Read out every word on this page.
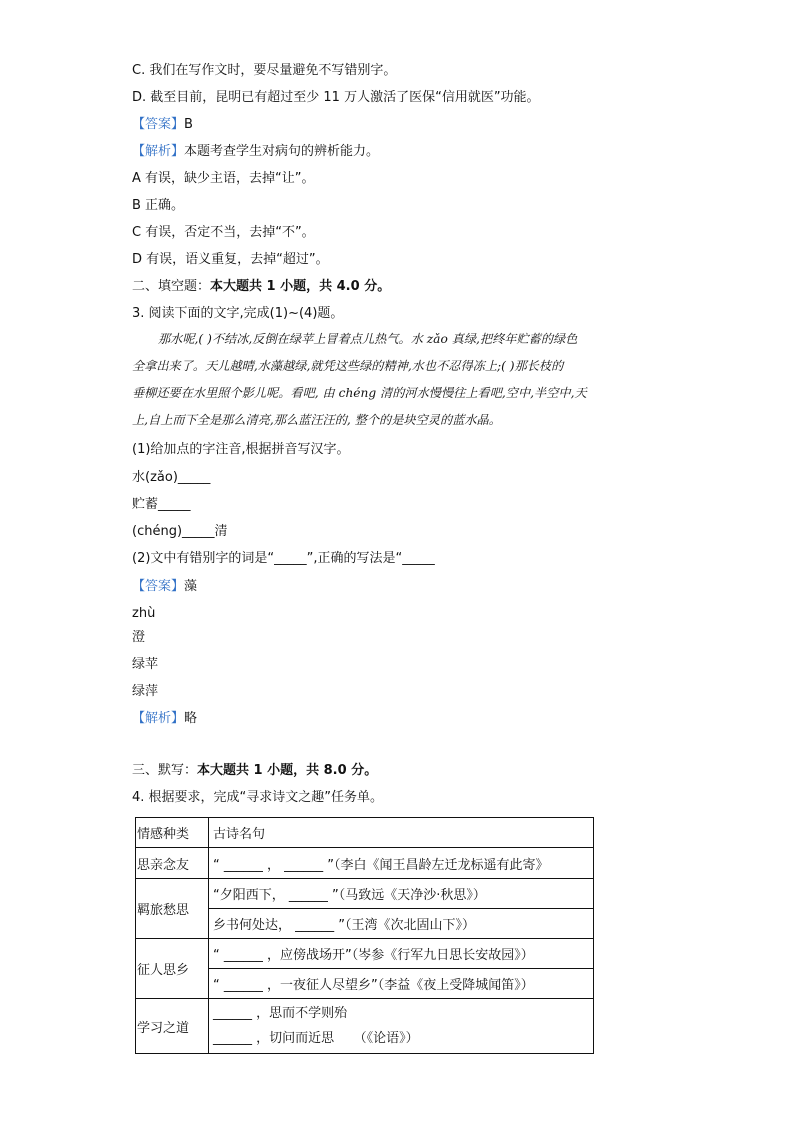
C. 我们在写作文时，要尽量避免不写错别字。
D. 截至目前，昆明已有超过至少 11 万人激活了医保“信用就医”功能。
【答案】B
【解析】本题考查学生对病句的辨析能力。
A 有误，缺少主语，去掉“让”。
B 正确。
C 有误，否定不当，去掉“不”。
D 有误，语义重复，去掉“超过”。
二、填空题：本大题共 1 小题，共 4.0 分。
3. 阅读下面的文字,完成(1)~(4)题。

那水呢,( )不结冰,反倒在绿苹上冒着点儿热气。水 zǎo 真绿,把终年贮蓄的绿色

全拿出来了。天儿越晴,水藻越绿,就凭这些绿的精神,水也不忍得冻上;( )那长枝的

垂柳还要在水里照个影儿呢。看吧, 由 chéng 清的河水慢慢往上看吧,空中,半空中,天

上,自上而下全是那么清亮,那么蓝汪汪的, 整个的是块空灵的蓝水晶。

(1)给加点的字注音,根据拼音写汉字。
水(zǎo)_____
贮蓄_____
(chéng)_____清
(2)文中有错别字的词是“_____”,正确的写法是“_____
【答案】藻
zhù
澄
绿苹
绿萍
【解析】略
三、默写：本大题共 1 小题，共 8.0 分。
4. 根据要求，完成“寻求诗文之趣”任务单。
情感种类	古诗名句
思亲念友	“ ______ ， ______ ”（李白《闻王昌龄左迁龙标遥有此寄》
羁旅愁思	“夕阳西下， ______ ”（马致远《天净沙·秋思》）
	乡书何处达， ______ ”（王湾《次北固山下》）
征人思乡	“ ______ ，应傍战场开”（岑参《行军九日思长安故园》）
	“ ______ ，一夜征人尽望乡”（李益《夜上受降城闻笛》）
学习之道	______ ，思而不学则殆
______ ，切问而近思　　（《论语》）
